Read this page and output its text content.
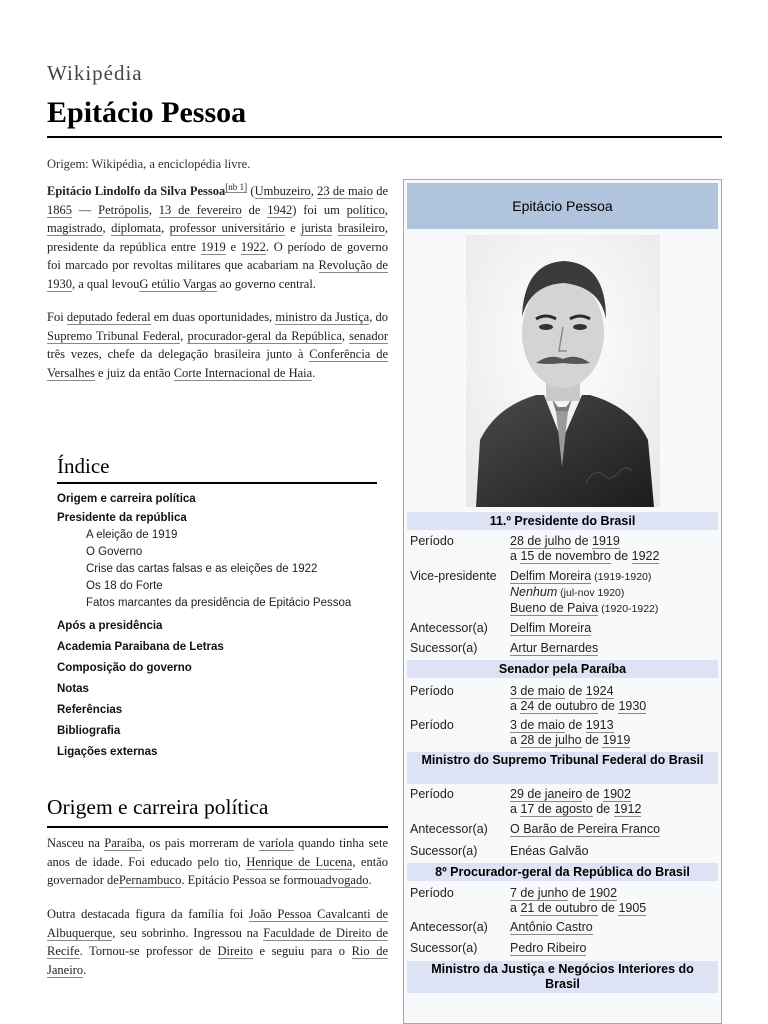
Wikipédia
Epitácio Pessoa
Origem: Wikipédia, a enciclopédia livre.
Epitácio Lindolfo da Silva Pessoa[nb 1] (Umbuzeiro, 23 de maio de 1865 — Petrópolis, 13 de fevereiro de 1942) foi um político, magistrado, diplomata, professor universitário e jurista brasileiro, presidente da república entre 1919 e 1922. O período de governo foi marcado por revoltas militares que acabariam na Revolução de 1930, a qual levouG etúlio Vargas ao governo central.
Foi deputado federal em duas oportunidades, ministro da Justiça, do Supremo Tribunal Federal, procurador-geral da República, senador três vezes, chefe da delegação brasileira junto à Conferência de Versalhes e juiz da então Corte Internacional de Haia.
Índice
Origem e carreira política
Presidente da república
A eleição de 1919
O Governo
Crise das cartas falsas e as eleições de 1922
Os 18 do Forte
Fatos marcantes da presidência de Epitácio Pessoa
Após a presidência
Academia Paraibana de Letras
Composição do governo
Notas
Referências
Bibliografia
Ligações externas
Origem e carreira política
Nasceu na Paraíba, os pais morreram de varíola quando tinha sete anos de idade. Foi educado pelo tio, Henrique de Lucena, então governador dePernambuco. Epitácio Pessoa se formouadvogado.
Outra destacada figura da família foi João Pessoa Cavalcanti de Albuquerque, seu sobrinho. Ingressou na Faculdade de Direito de Recife. Tornou-se professor de Direito e seguiu para o Rio de Janeiro.
Epitácio Pessoa
11.º Presidente do Brasil
Período	28 de julho de 1919
a 15 de novembro de 1922
Vice-presidente Delfim Moreira (1919-1920)
Nenhum (jul-nov 1920)
Bueno de Paiva (1920-1922)
Antecessor(a) Delfim Moreira
Sucessor(a)	Artur Bernardes
Senador pela Paraíba
Período	3 de maio de 1924
a 24 de outubro de 1930
Período	3 de maio de 1913
a 28 de julho de 1919
Ministro do Supremo Tribunal Federal do Brasil
Período	29 de janeiro de 1902
a 17 de agosto de 1912
Antecessor(a) O Barão de Pereira Franco
Sucessor(a)	Enéas Galvão
8º Procurador-geral da República do Brasil
Período	7 de junho de 1902
a 21 de outubro de 1905
Antecessor(a) Antônio Castro
Sucessor(a)	Pedro Ribeiro
Ministro da Justiça e Negócios Interiores do Brasil
